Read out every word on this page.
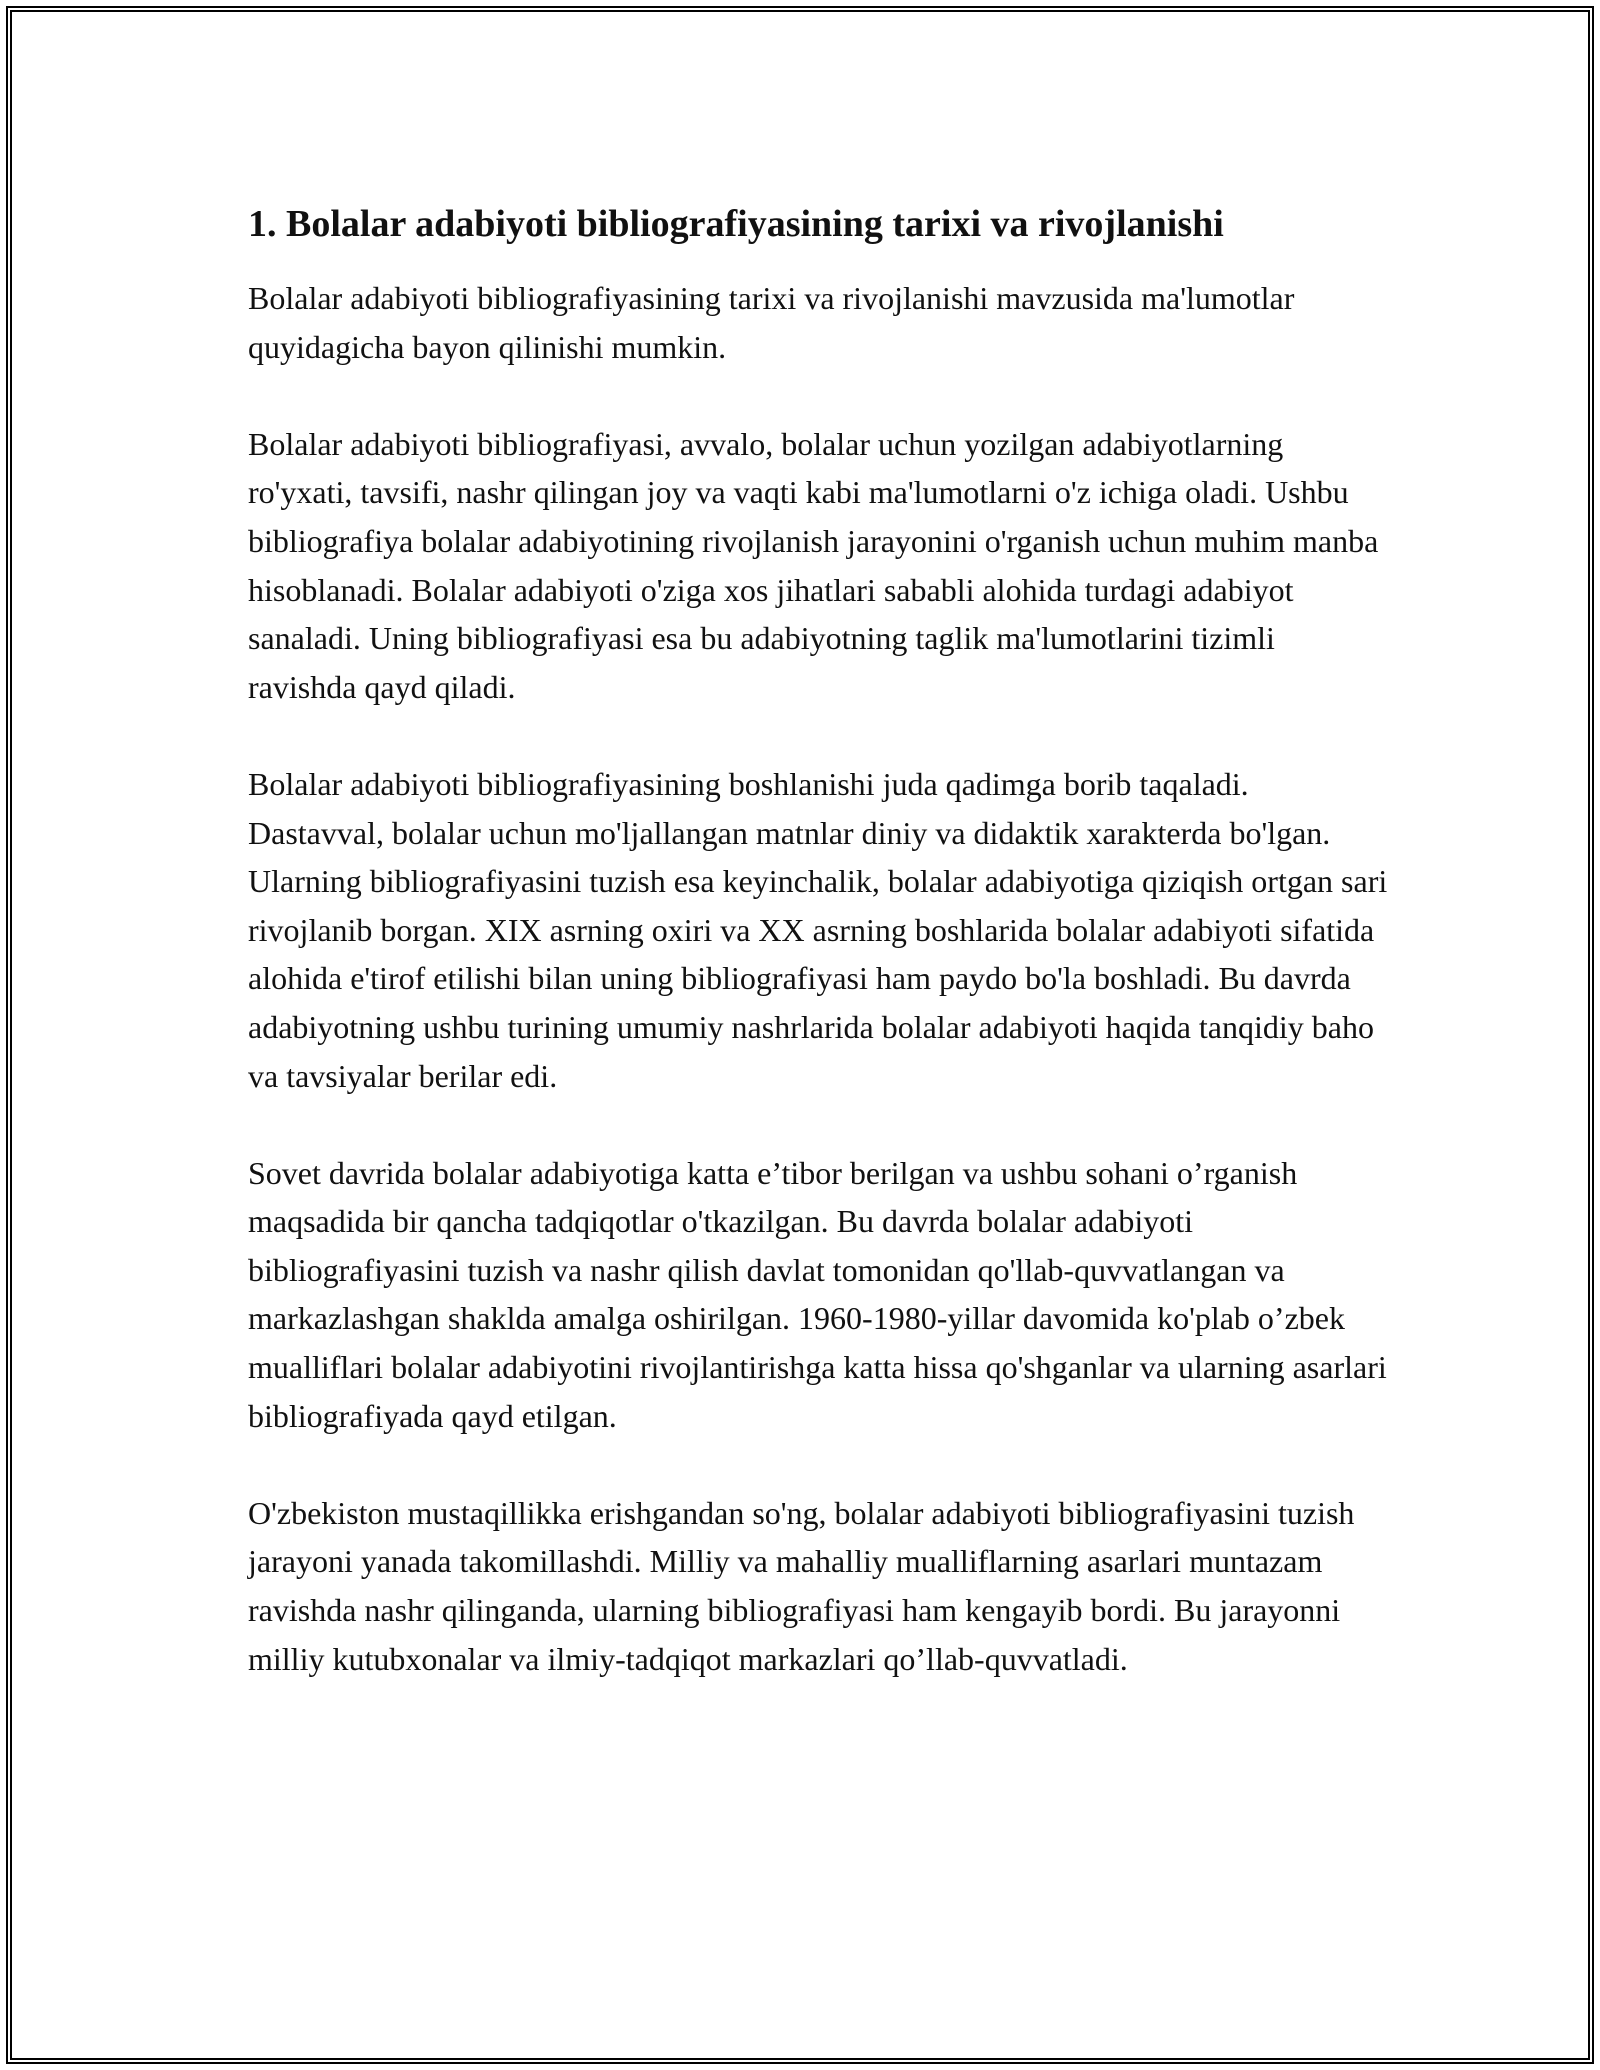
1. Bolalar adabiyoti bibliografiyasining tarixi va rivojlanishi

Bolalar adabiyoti bibliografiyasining tarixi va rivojlanishi mavzusida ma'lumotlar quyidagicha bayon qilinishi mumkin.

Bolalar adabiyoti bibliografiyasi, avvalo, bolalar uchun yozilgan adabiyotlarning ro'yxati, tavsifi, nashr qilingan joy va vaqti kabi ma'lumotlarni o'z ichiga oladi. Ushbu bibliografiya bolalar adabiyotining rivojlanish jarayonini o'rganish uchun muhim manba hisoblanadi. Bolalar adabiyoti o'ziga xos jihatlari sababli alohida turdagi adabiyot sanaladi. Uning bibliografiyasi esa bu adabiyotning taglik ma'lumotlarini tizimli ravishda qayd qiladi.

Bolalar adabiyoti bibliografiyasining boshlanishi juda qadimga borib taqaladi. Dastavval, bolalar uchun mo'ljallangan matnlar diniy va didaktik xarakterda bo'lgan. Ularning bibliografiyasini tuzish esa keyinchalik, bolalar adabiyotiga qiziqish ortgan sari rivojlanib borgan. XIX asrning oxiri va XX asrning boshlarida bolalar adabiyoti sifatida alohida e'tirof etilishi bilan uning bibliografiyasi ham paydo bo'la boshladi. Bu davrda adabiyotning ushbu turining umumiy nashrlarida bolalar adabiyoti haqida tanqidiy baho va tavsiyalar berilar edi.

Sovet davrida bolalar adabiyotiga katta e’tibor berilgan va ushbu sohani o’rganish maqsadida bir qancha tadqiqotlar o'tkazilgan. Bu davrda bolalar adabiyoti bibliografiyasini tuzish va nashr qilish davlat tomonidan qo'llab-quvvatlangan va markazlashgan shaklda amalga oshirilgan. 1960-1980-yillar davomida ko'plab o’zbek mualliflari bolalar adabiyotini rivojlantirishga katta hissa qo'shganlar va ularning asarlari bibliografiyada qayd etilgan.

O'zbekiston mustaqillikka erishgandan so'ng, bolalar adabiyoti bibliografiyasini tuzish jarayoni yanada takomillashdi. Milliy va mahalliy mualliflarning asarlari muntazam ravishda nashr qilinganda, ularning bibliografiyasi ham kengayib bordi. Bu jarayonni milliy kutubxonalar va ilmiy-tadqiqot markazlari qo’llab-quvvatladi.
